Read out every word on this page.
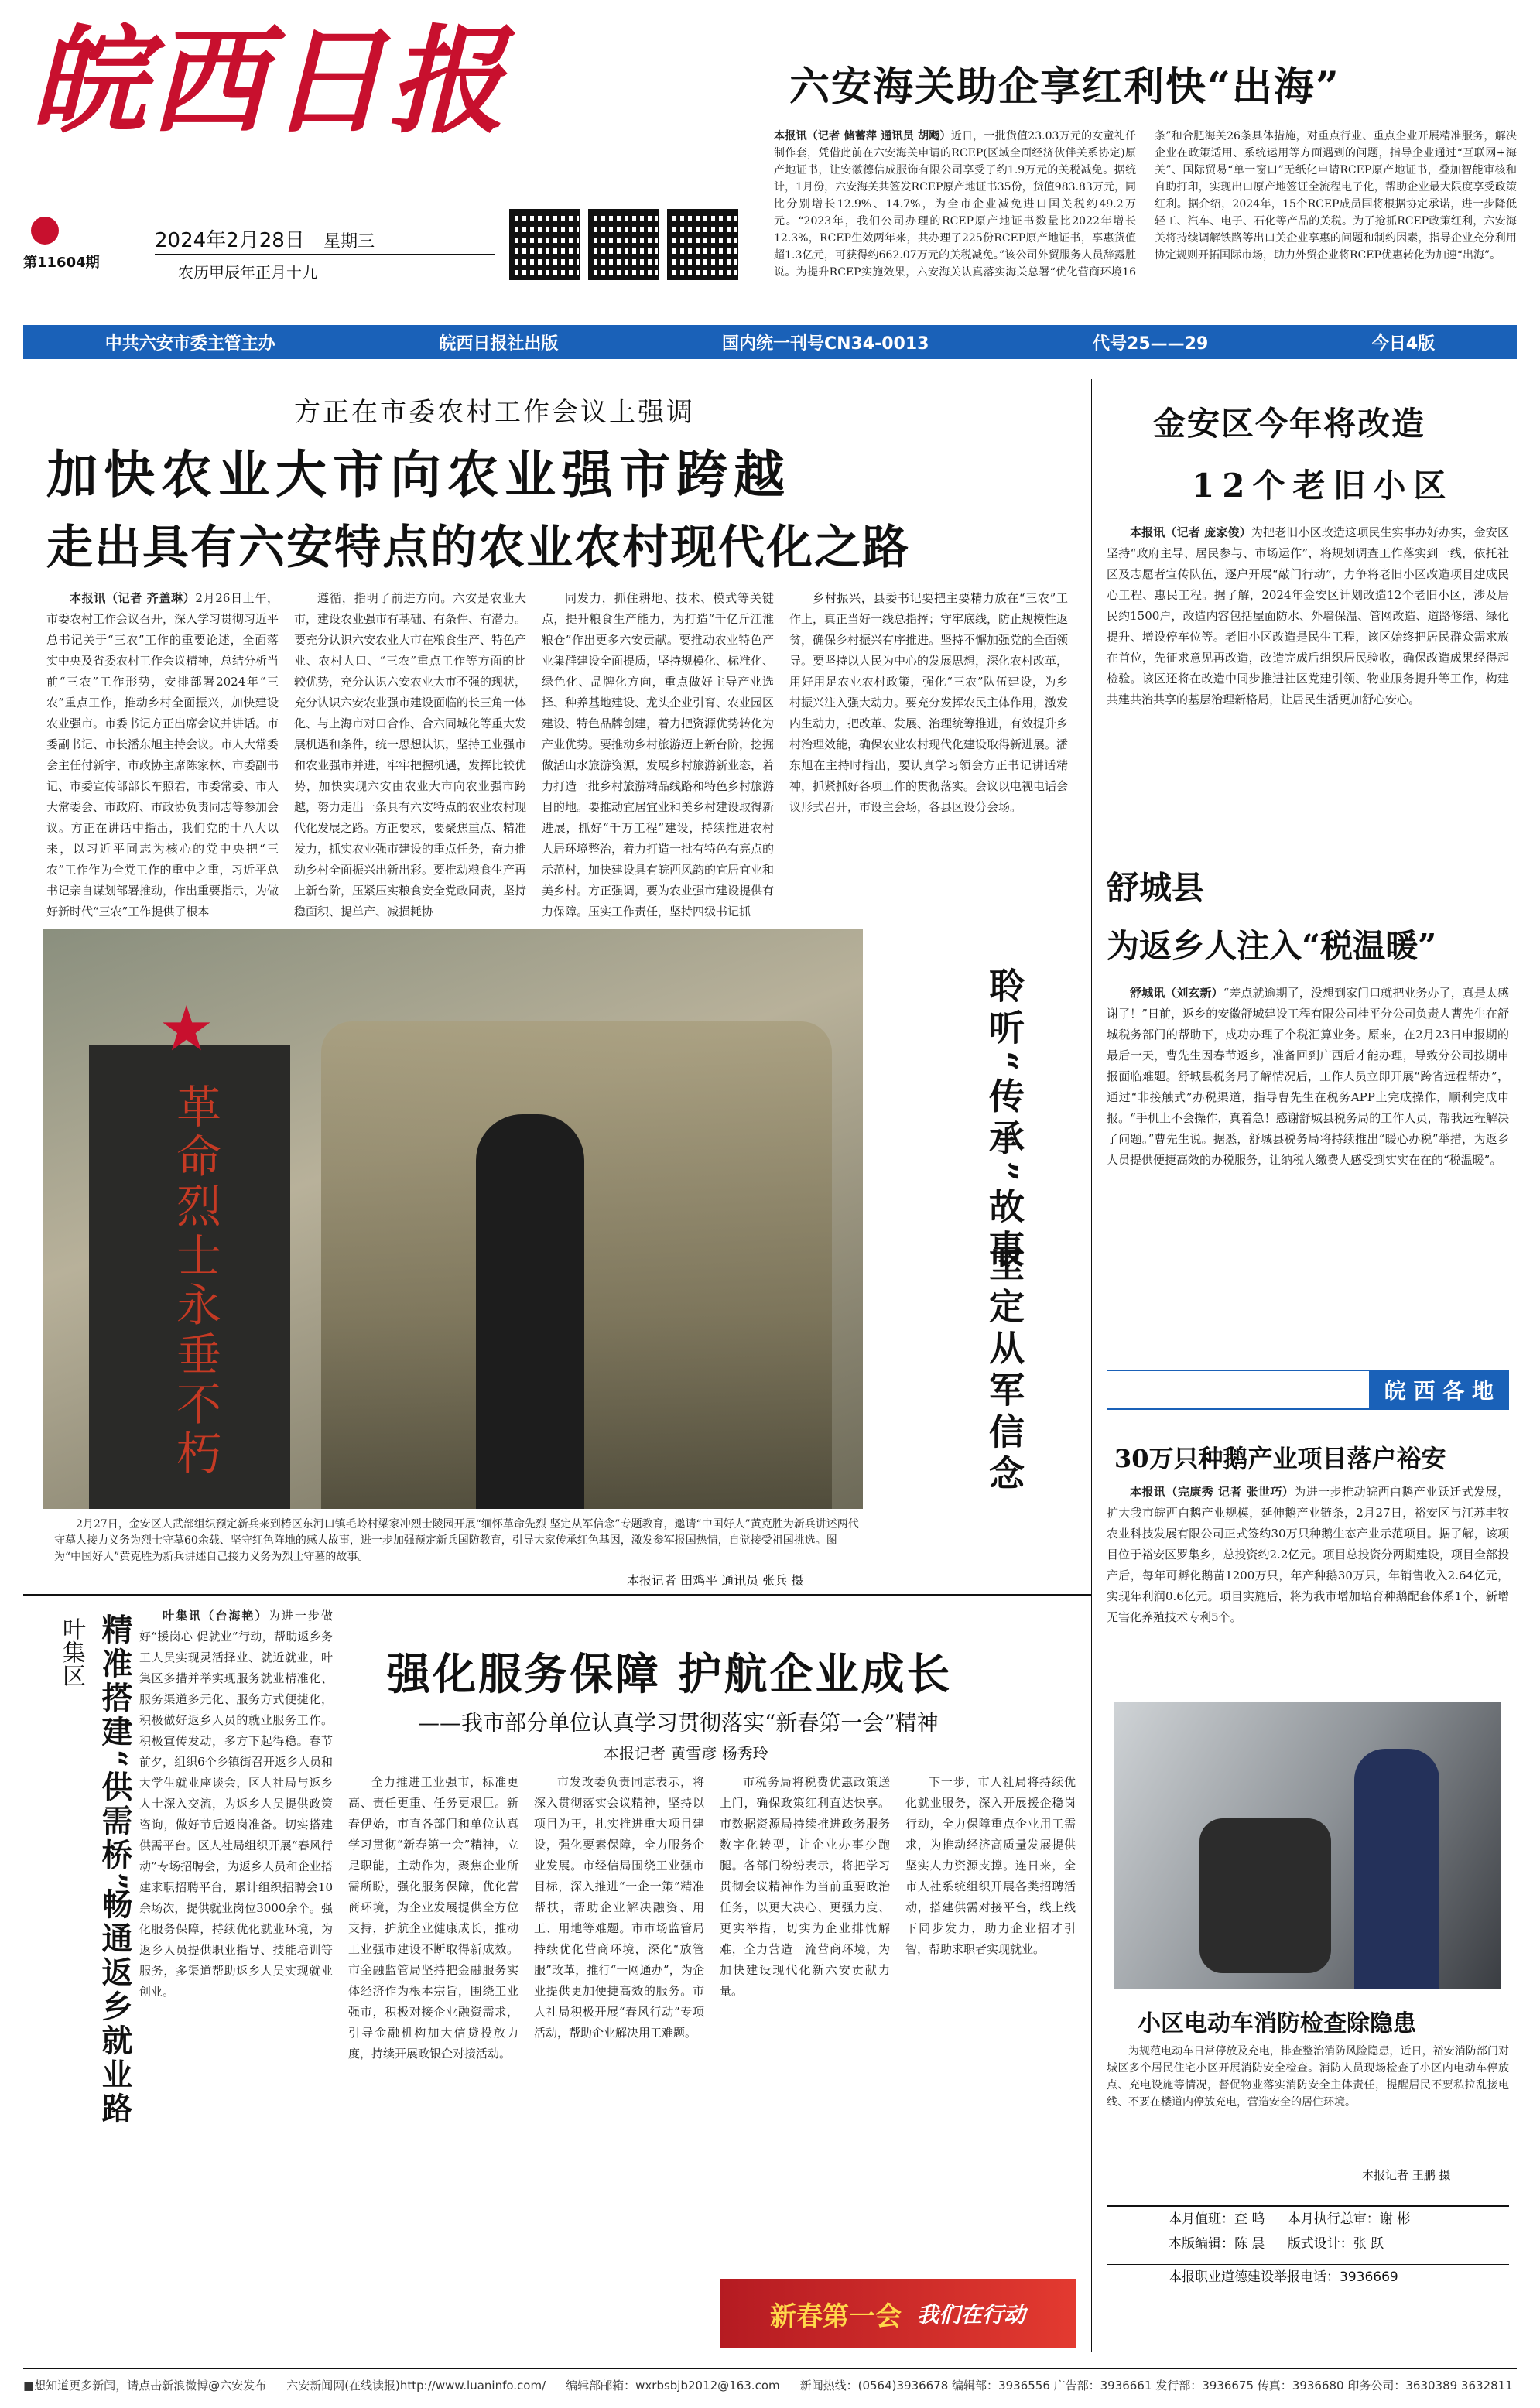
皖西日报
第11604期
2024年2月28日 星期三
农历甲辰年正月十九
六安海关助企享红利快“出海”
本报讯（记者 储蓄萍 通讯员 胡飏）近日，一批货值23.03万元的女童礼仟制作套，凭借此前在六安海关申请的RCEP(区域全面经济伙伴关系协定)原产地证书，让安徽德信成服饰有限公司享受了约1.9万元的关税减免。据统计，1月份，六安海关共签发RCEP原产地证书35份，货值983.83万元，同比分别增长12.9%、14.7%，为全市企业减免进口国关税约49.2万元。“2023年，我们公司办理的RCEP原产地证书数量比2022年增长12.3%，RCEP生效两年来，共办理了225份RCEP原产地证书，享惠货值超1.3亿元，可获得约662.07万元的关税减免。”该公司外贸服务人员辞露胜说。为提升RCEP实施效果，六安海关认真落实海关总署“优化营商环境16条”和合肥海关26条具体措施，对重点行业、重点企业开展精准服务，解决企业在政策适用、系统运用等方面遇到的问题，指导企业通过“互联网+海关”、国际贸易“单一窗口”无纸化申请RCEP原产地证书，叠加智能审核和自助打印，实现出口原产地签证全流程电子化，帮助企业最大限度享受政策红利。据介绍，2024年，15个RCEP成员国将根据协定承诺，进一步降低轻工、汽车、电子、石化等产品的关税。为了抢抓RCEP政策红利，六安海关将持续调解铁路等出口关企业享惠的问题和制约因素，指导企业充分利用协定规则开拓国际市场，助力外贸企业将RCEP优惠转化为加速“出海”。
中共六安市委主管主办	皖西日报社出版	国内统一刊号CN34-0013	代号25——29	今日4版
方正在市委农村工作会议上强调
加快农业大市向农业强市跨越
走出具有六安特点的农业农村现代化之路
本报讯（记者 齐盖琳）2月26日上午，市委农村工作会议召开，深入学习贯彻习近平总书记关于“三农”工作的重要论述，全面落实中央及省委农村工作会议精神，总结分析当前“三农”工作形势，安排部署2024年“三农”重点工作，推动乡村全面振兴，加快建设农业强市。市委书记方正出席会议并讲话。市委副书记、市长潘东旭主持会议。市人大常委会主任付新宇、市政协主席陈家林、市委副书记、市委宣传部部长车照君，市委常委、市人大常委会、市政府、市政协负责同志等参加会议。方正在讲话中指出，我们党的十八大以来，以习近平同志为核心的党中央把“三农”工作作为全党工作的重中之重，习近平总书记亲自谋划部署推动，作出重要指示，为做好新时代“三农”工作提供了根本
遵循，指明了前进方向。六安是农业大市，建设农业强市有基础、有条件、有潜力。要充分认识六安农业大市在粮食生产、特色产业、农村人口、“三农”重点工作等方面的比较优势，充分认识六安农业大市不强的现状，充分认识六安农业强市建设面临的长三角一体化、与上海市对口合作、合六同城化等重大发展机遇和条件，统一思想认识，坚持工业强市和农业强市并进，牢牢把握机遇，发挥比较优势，加快实现六安由农业大市向农业强市跨越，努力走出一条具有六安特点的农业农村现代化发展之路。方正要求，要聚焦重点、精准发力，抓实农业强市建设的重点任务，奋力推动乡村全面振兴出新出彩。要推动粮食生产再上新台阶，压紧压实粮食安全党政同责，坚持稳面积、提单产、减损耗协
同发力，抓住耕地、技术、模式等关键点，提升粮食生产能力，为打造“千亿斤江淮粮仓”作出更多六安贡献。要推动农业特色产业集群建设全面提质，坚持规模化、标准化、绿色化、品牌化方向，重点做好主导产业选择、种养基地建设、龙头企业引育、农业园区建设、特色品牌创建，着力把资源优势转化为产业优势。要推动乡村旅游迈上新台阶，挖掘做活山水旅游资源，发展乡村旅游新业态，着力打造一批乡村旅游精品线路和特色乡村旅游目的地。要推动宜居宜业和美乡村建设取得新进展，抓好“千万工程”建设，持续推进农村人居环境整治，着力打造一批有特色有亮点的示范村，加快建设具有皖西风韵的宜居宜业和美乡村。方正强调，要为农业强市建设提供有力保障。压实工作责任，坚持四级书记抓
乡村振兴，县委书记要把主要精力放在“三农”工作上，真正当好一线总指挥；守牢底线，防止规模性返贫，确保乡村振兴有序推进。坚持不懈加强党的全面领导。要坚持以人民为中心的发展思想，深化农村改革，用好用足农业农村政策，强化“三农”队伍建设，为乡村振兴注入强大动力。要充分发挥农民主体作用，激发内生动力，把改革、发展、治理统筹推进，有效提升乡村治理效能，确保农业农村现代化建设取得新进展。潘东旭在主持时指出，要认真学习领会方正书记讲话精神，抓紧抓好各项工作的贯彻落实。会议以电视电话会议形式召开，市设主会场，各县区设分会场。
金安区今年将改造
12个老旧小区
本报讯（记者 庞家俊）为把老旧小区改造这项民生实事办好办实，金安区坚持“政府主导、居民参与、市场运作”，将规划调查工作落实到一线，依托社区及志愿者宣传队伍，逐户开展“敲门行动”，力争将老旧小区改造项目建成民心工程、惠民工程。据了解，2024年金安区计划改造12个老旧小区，涉及居民约1500户，改造内容包括屋面防水、外墙保温、管网改造、道路修缮、绿化提升、增设停车位等。老旧小区改造是民生工程，该区始终把居民群众需求放在首位，先征求意见再改造，改造完成后组织居民验收，确保改造成果经得起检验。该区还将在改造中同步推进社区党建引领、物业服务提升等工作，构建共建共治共享的基层治理新格局，让居民生活更加舒心安心。
舒城县
为返乡人注入“税温暖”
舒城讯（刘玄新）“差点就逾期了，没想到家门口就把业务办了，真是太感谢了！”日前，返乡的安徽舒城建设工程有限公司桂平分公司负责人曹先生在舒城税务部门的帮助下，成功办理了个税汇算业务。原来，在2月23日申报期的最后一天，曹先生因春节返乡，准备回到广西后才能办理，导致分公司按期申报面临难题。舒城县税务局了解情况后，工作人员立即开展“跨省远程帮办”，通过“非接触式”办税渠道，指导曹先生在税务APP上完成操作，顺利完成申报。“手机上不会操作，真着急！感谢舒城县税务局的工作人员，帮我远程解决了问题。”曹先生说。据悉，舒城县税务局将持续推出“暖心办税”举措，为返乡人员提供便捷高效的办税服务，让纳税人缴费人感受到实实在在的“税温暖”。
★
革命烈士永垂不朽	聆听“传承”故事
坚定从军信念
2月27日，金安区人武部组织预定新兵来到椿区东河口镇毛岭村梁家冲烈士陵园开展“缅怀革命先烈 坚定从军信念”专题教育，邀请“中国好人”黄克胜为新兵讲述两代守墓人接力义务为烈士守墓60余载、坚守红色阵地的感人故事，进一步加强预定新兵国防教育，引导大家传承红色基因，激发参军报国热情，自觉接受祖国挑选。图为“中国好人”黄克胜为新兵讲述自己接力义务为烈士守墓的故事。
本报记者 田鸡平 通讯员 张兵 摄
叶集区 精准搭建“供需桥”
畅通返乡就业路
叶集讯（台海艳）为进一步做好“援岗心 促就业”行动，帮助返乡务工人员实现灵活择业、就近就业，叶集区多措并举实现服务就业精准化、服务渠道多元化、服务方式便捷化，积极做好返乡人员的就业服务工作。积极宣传发动，多方下起得稳。春节前夕，组织6个乡镇街召开返乡人员和大学生就业座谈会，区人社局与返乡人士深入交流，为返乡人员提供政策咨询，做好节后返岗准备。切实搭建供需平台。区人社局组织开展“春风行动”专场招聘会，为返乡人员和企业搭建求职招聘平台，累计组织招聘会10余场次，提供就业岗位3000余个。强化服务保障，持续优化就业环境，为返乡人员提供职业指导、技能培训等服务，多渠道帮助返乡人员实现就业创业。
强化服务保障 护航企业成长
——我市部分单位认真学习贯彻落实“新春第一会”精神
本报记者 黄雪彦 杨秀玲
全力推进工业强市，标准更高、责任更重、任务更艰巨。新春伊始，市直各部门和单位认真学习贯彻“新春第一会”精神，立足职能，主动作为，聚焦企业所需所盼，强化服务保障，优化营商环境，为企业发展提供全方位支持，护航企业健康成长，推动工业强市建设不断取得新成效。市金融监管局坚持把金融服务实体经济作为根本宗旨，围绕工业强市，积极对接企业融资需求，引导金融机构加大信贷投放力度，持续开展政银企对接活动。
市发改委负责同志表示，将深入贯彻落实会议精神，坚持以项目为王，扎实推进重大项目建设，强化要素保障，全力服务企业发展。市经信局围绕工业强市目标，深入推进“一企一策”精准帮扶，帮助企业解决融资、用工、用地等难题。市市场监管局持续优化营商环境，深化“放管服”改革，推行“一网通办”，为企业提供更加便捷高效的服务。市人社局积极开展“春风行动”专项活动，帮助企业解决用工难题。
市税务局将税费优惠政策送上门，确保政策红利直达快享。市数据资源局持续推进政务服务数字化转型，让企业办事少跑腿。各部门纷纷表示，将把学习贯彻会议精神作为当前重要政治任务，以更大决心、更强力度、更实举措，切实为企业排忧解难，全力营造一流营商环境，为加快建设现代化新六安贡献力量。
下一步，市人社局将持续优化就业服务，深入开展援企稳岗行动，全力保障重点企业用工需求，为推动经济高质量发展提供坚实人力资源支撑。连日来，全市人社系统组织开展各类招聘活动，搭建供需对接平台，线上线下同步发力，助力企业招才引智，帮助求职者实现就业。
新春第一会 我们在行动
皖 西 各 地
30万只种鹅产业项目落户裕安
本报讯（完康秀 记者 张世巧）为进一步推动皖西白鹅产业跃迁式发展，扩大我市皖西白鹅产业规模，延伸鹅产业链条，2月27日，裕安区与江苏丰牧农业科技发展有限公司正式签约30万只种鹅生态产业示范项目。据了解，该项目位于裕安区罗集乡，总投资约2.2亿元。项目总投资分两期建设，项目全部投产后，每年可孵化鹅苗1200万只，年产种鹅30万只，年销售收入2.64亿元，实现年利润0.6亿元。项目实施后，将为我市增加培育种鹅配套体系1个，新增无害化养殖技术专利5个。
小区电动车消防检查除隐患
为规范电动车日常停放及充电，排查整治消防风险隐患，近日，裕安消防部门对城区多个居民住宅小区开展消防安全检查。消防人员现场检查了小区内电动车停放点、充电设施等情况，督促物业落实消防安全主体责任，提醒居民不要私拉乱接电线、不要在楼道内停放充电，营造安全的居住环境。
本报记者 王鹏 摄
本月值班：查 鸣 本月执行总审：谢 彬
本版编辑：陈 晨 版式设计：张 跃
本报职业道德建设举报电话：3936669
■想知道更多新闻，请点击新浪微博@六安发布 六安新闻网(在线读报)http://www.luaninfo.com/ 编辑部邮箱：wxrbsbjb2012@163.com 新闻热线：(0564)3936678 编辑部：3936556 广告部：3936661 发行部：3936675 传真：3936680 印务公司：3630389 3632811
